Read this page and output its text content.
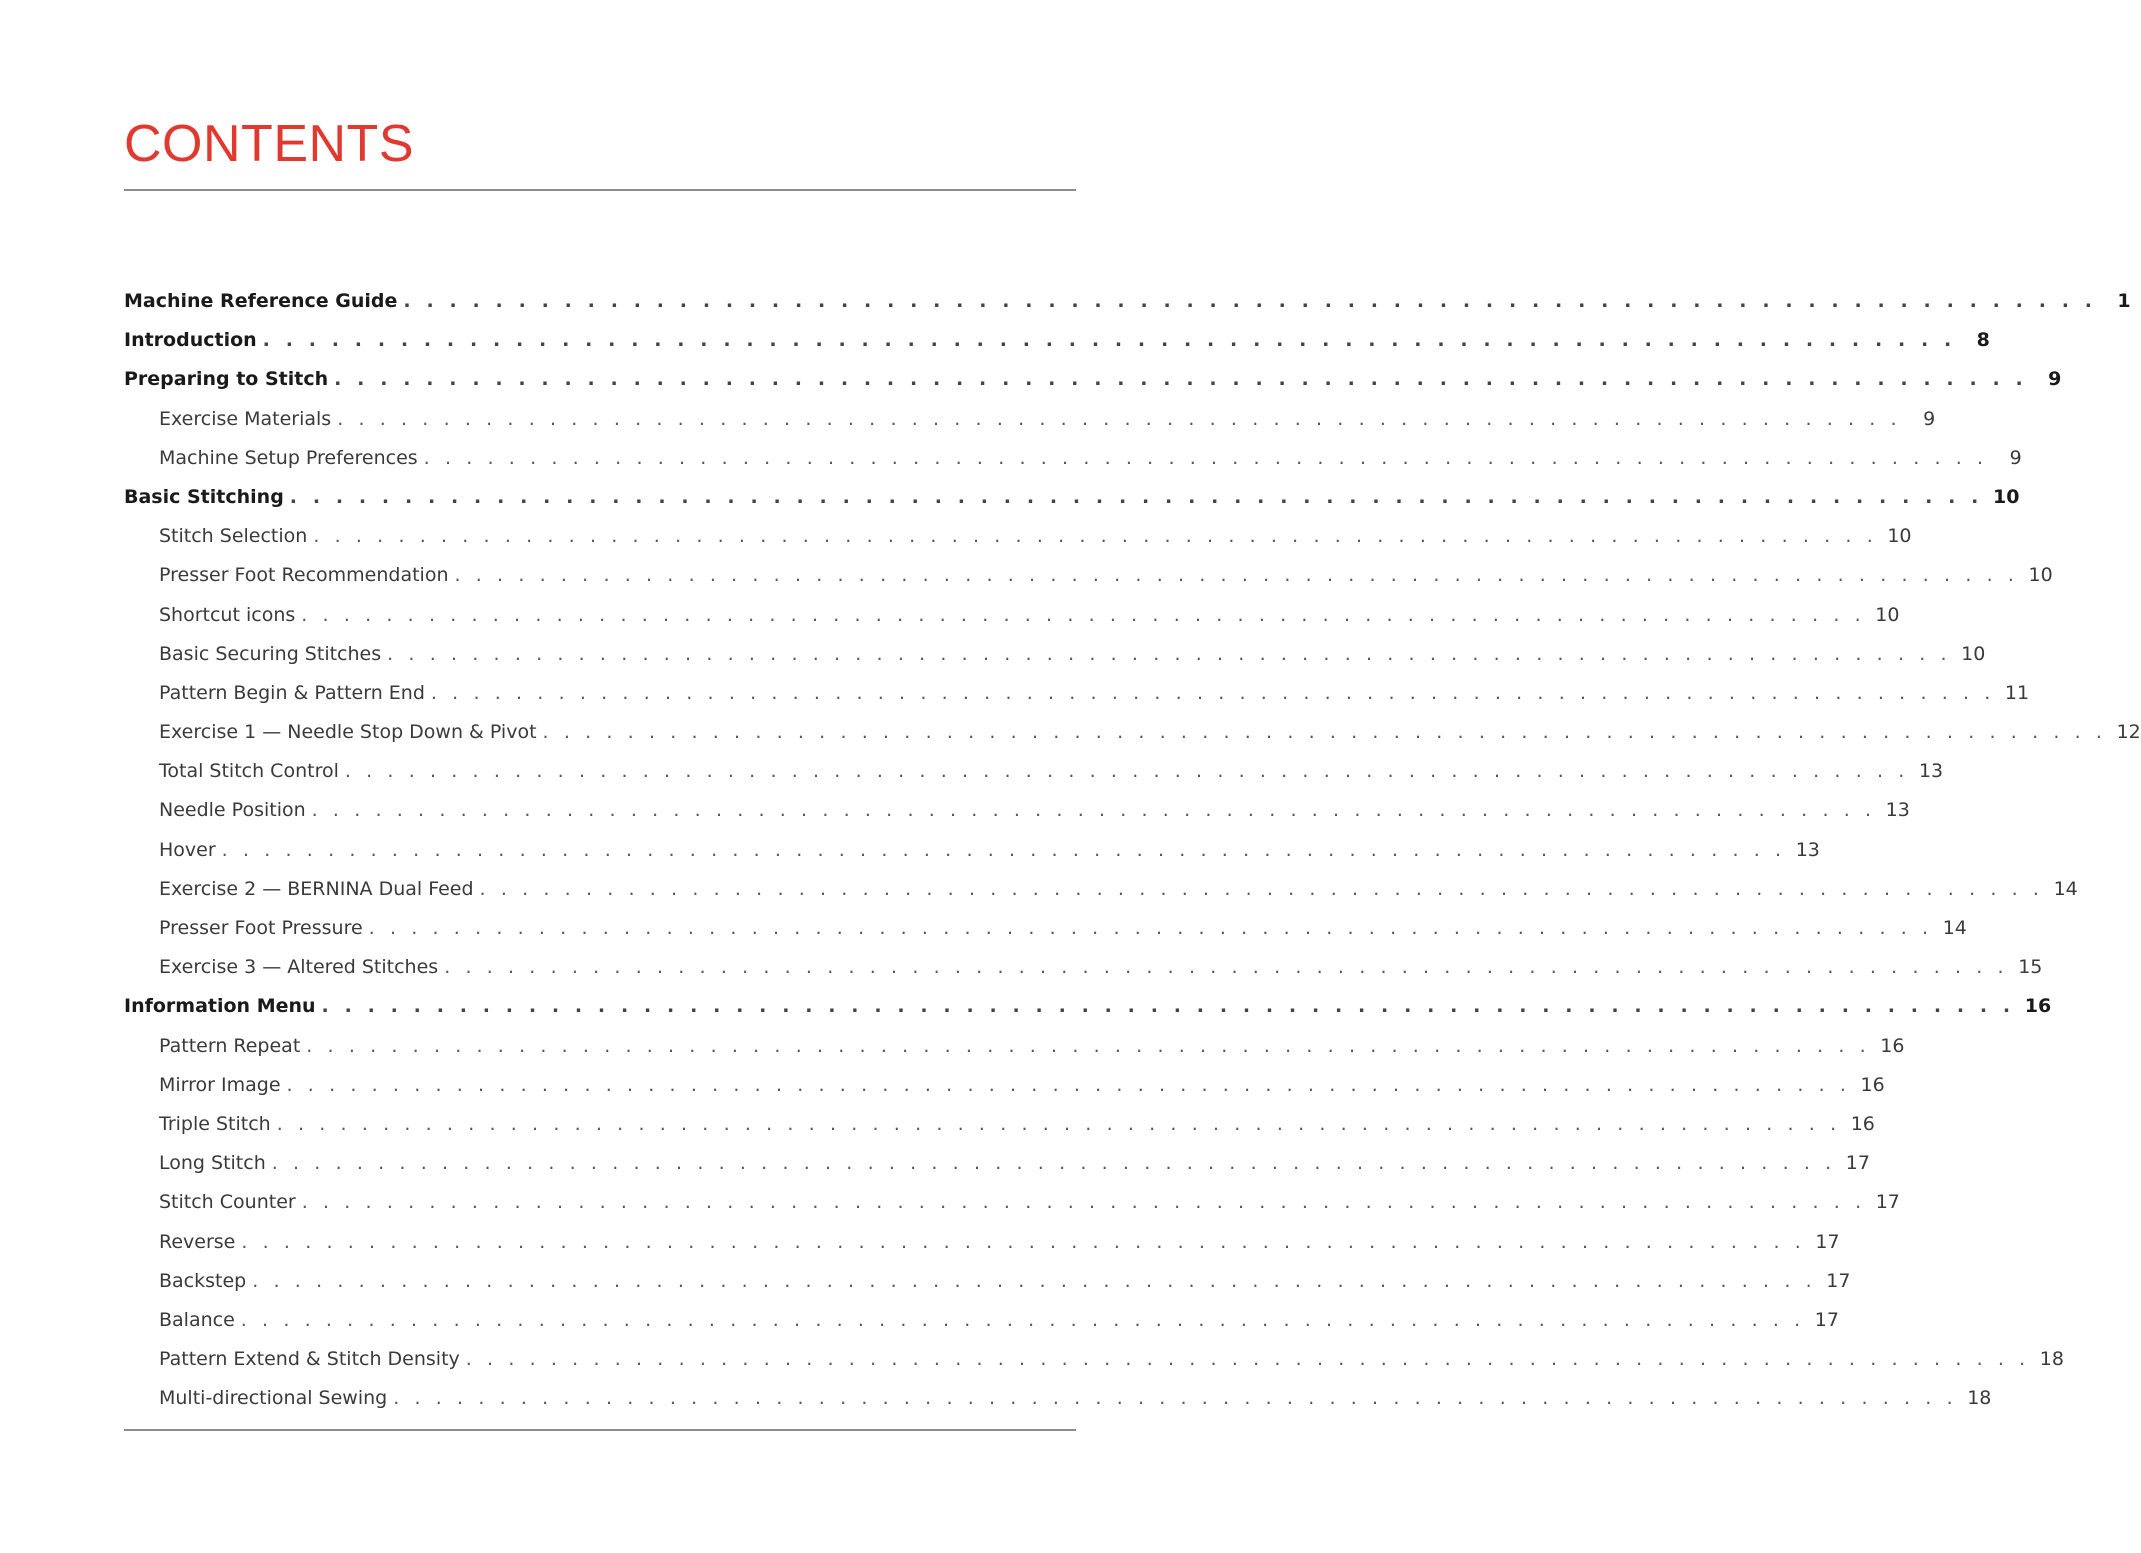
CONTENTS
Machine Reference Guide . . . . . . . . . . . . . . . . . . . . . . . . . . . . . . . . . . . . . . . . . . . . . . . . . . . . . . . . . . . . . . . . . . . . . . . . . .	1
Introduction . . . . . . . . . . . . . . . . . . . . . . . . . . . . . . . . . . . . . . . . . . . . . . . . . . . . . . . . . . . . . . . . . . . . . . . . . .	8
Preparing to Stitch . . . . . . . . . . . . . . . . . . . . . . . . . . . . . . . . . . . . . . . . . . . . . . . . . . . . . . . . . . . . . . . . . . . . . . . . . .	9
Exercise Materials . . . . . . . . . . . . . . . . . . . . . . . . . . . . . . . . . . . . . . . . . . . . . . . . . . . . . . . . . . . . . . . . . . . . . . . . . .	9
Machine Setup Preferences . . . . . . . . . . . . . . . . . . . . . . . . . . . . . . . . . . . . . . . . . . . . . . . . . . . . . . . . . . . . . . . . . . . . . . . . . .	9
Basic Stitching . . . . . . . . . . . . . . . . . . . . . . . . . . . . . . . . . . . . . . . . . . . . . . . . . . . . . . . . . . . . . . . . . . . . . . . . . . 10
Stitch Selection . . . . . . . . . . . . . . . . . . . . . . . . . . . . . . . . . . . . . . . . . . . . . . . . . . . . . . . . . . . . . . . . . . . . . . . . . . 10
Presser Foot Recommendation . . . . . . . . . . . . . . . . . . . . . . . . . . . . . . . . . . . . . . . . . . . . . . . . . . . . . . . . . . . . . . . . . . . . . . . . . . 10
Shortcut icons . . . . . . . . . . . . . . . . . . . . . . . . . . . . . . . . . . . . . . . . . . . . . . . . . . . . . . . . . . . . . . . . . . . . . . . . . . 10
Basic Securing Stitches . . . . . . . . . . . . . . . . . . . . . . . . . . . . . . . . . . . . . . . . . . . . . . . . . . . . . . . . . . . . . . . . . . . . . . . . . . 10
Pattern Begin & Pattern End . . . . . . . . . . . . . . . . . . . . . . . . . . . . . . . . . . . . . . . . . . . . . . . . . . . . . . . . . . . . . . . . . . . . . . . . . . 11
Exercise 1 — Needle Stop Down & Pivot . . . . . . . . . . . . . . . . . . . . . . . . . . . . . . . . . . . . . . . . . . . . . . . . . . . . . . . . . . . . . . . . . . . . . . . . . . 12
Total Stitch Control . . . . . . . . . . . . . . . . . . . . . . . . . . . . . . . . . . . . . . . . . . . . . . . . . . . . . . . . . . . . . . . . . . . . . . . . . . 13
Needle Position . . . . . . . . . . . . . . . . . . . . . . . . . . . . . . . . . . . . . . . . . . . . . . . . . . . . . . . . . . . . . . . . . . . . . . . . . . 13
Hover . . . . . . . . . . . . . . . . . . . . . . . . . . . . . . . . . . . . . . . . . . . . . . . . . . . . . . . . . . . . . . . . . . . . . . . . . . 13
Exercise 2 — BERNINA Dual Feed . . . . . . . . . . . . . . . . . . . . . . . . . . . . . . . . . . . . . . . . . . . . . . . . . . . . . . . . . . . . . . . . . . . . . . . . . . 14
Presser Foot Pressure . . . . . . . . . . . . . . . . . . . . . . . . . . . . . . . . . . . . . . . . . . . . . . . . . . . . . . . . . . . . . . . . . . . . . . . . . . 14
Exercise 3 — Altered Stitches . . . . . . . . . . . . . . . . . . . . . . . . . . . . . . . . . . . . . . . . . . . . . . . . . . . . . . . . . . . . . . . . . . . . . . . . . . 15
Information Menu . . . . . . . . . . . . . . . . . . . . . . . . . . . . . . . . . . . . . . . . . . . . . . . . . . . . . . . . . . . . . . . . . . . . . . . . . . 16
Pattern Repeat . . . . . . . . . . . . . . . . . . . . . . . . . . . . . . . . . . . . . . . . . . . . . . . . . . . . . . . . . . . . . . . . . . . . . . . . . . 16
Mirror Image . . . . . . . . . . . . . . . . . . . . . . . . . . . . . . . . . . . . . . . . . . . . . . . . . . . . . . . . . . . . . . . . . . . . . . . . . . 16
Triple Stitch . . . . . . . . . . . . . . . . . . . . . . . . . . . . . . . . . . . . . . . . . . . . . . . . . . . . . . . . . . . . . . . . . . . . . . . . . . 16
Long Stitch . . . . . . . . . . . . . . . . . . . . . . . . . . . . . . . . . . . . . . . . . . . . . . . . . . . . . . . . . . . . . . . . . . . . . . . . . . 17
Stitch Counter . . . . . . . . . . . . . . . . . . . . . . . . . . . . . . . . . . . . . . . . . . . . . . . . . . . . . . . . . . . . . . . . . . . . . . . . . . 17
Reverse . . . . . . . . . . . . . . . . . . . . . . . . . . . . . . . . . . . . . . . . . . . . . . . . . . . . . . . . . . . . . . . . . . . . . . . . . . 17
Backstep . . . . . . . . . . . . . . . . . . . . . . . . . . . . . . . . . . . . . . . . . . . . . . . . . . . . . . . . . . . . . . . . . . . . . . . . . . 17
Balance . . . . . . . . . . . . . . . . . . . . . . . . . . . . . . . . . . . . . . . . . . . . . . . . . . . . . . . . . . . . . . . . . . . . . . . . . . 17
Pattern Extend & Stitch Density . . . . . . . . . . . . . . . . . . . . . . . . . . . . . . . . . . . . . . . . . . . . . . . . . . . . . . . . . . . . . . . . . . . . . . . . . . 18
Multi-directional Sewing . . . . . . . . . . . . . . . . . . . . . . . . . . . . . . . . . . . . . . . . . . . . . . . . . . . . . . . . . . . . . . . . . . . . . . . . . . 18
